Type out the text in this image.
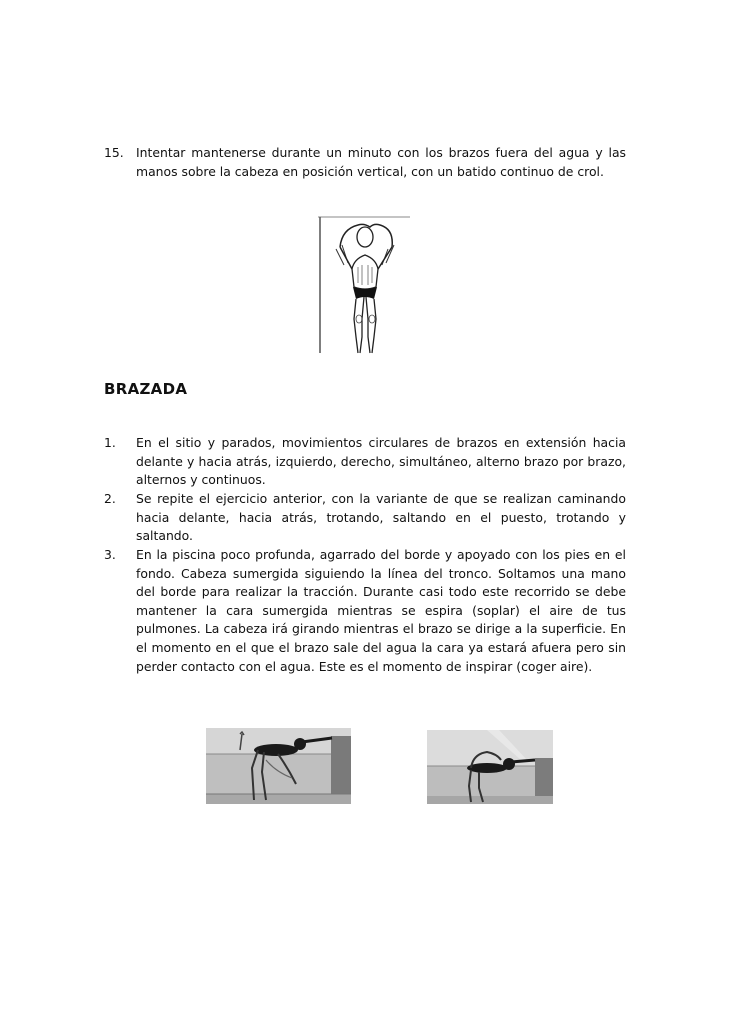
15. Intentar mantenerse durante un minuto con los brazos fuera del agua y las manos sobre la cabeza en posición vertical, con un batido continuo de crol.
BRAZADA
1.	En el sitio y parados, movimientos circulares de brazos en extensión hacia delante y hacia atrás, izquierdo, derecho, simultáneo, alterno brazo por brazo, alternos y continuos.
2.	Se repite el ejercicio anterior, con la variante de que se realizan caminando hacia delante, hacia atrás, trotando, saltando en el puesto, trotando y saltando.
3.	En la piscina poco profunda, agarrado del borde y apoyado con los pies en el fondo. Cabeza sumergida siguiendo la línea del tronco. Soltamos una mano del borde para realizar la tracción. Durante casi todo este recorrido se debe mantener la cara sumergida mientras se espira (soplar) el aire de tus pulmones. La cabeza irá girando mientras el brazo se dirige a la superficie. En el momento en el que el brazo sale del agua la cara ya estará afuera pero sin perder contacto con el agua. Este es el momento de inspirar (coger aire).
